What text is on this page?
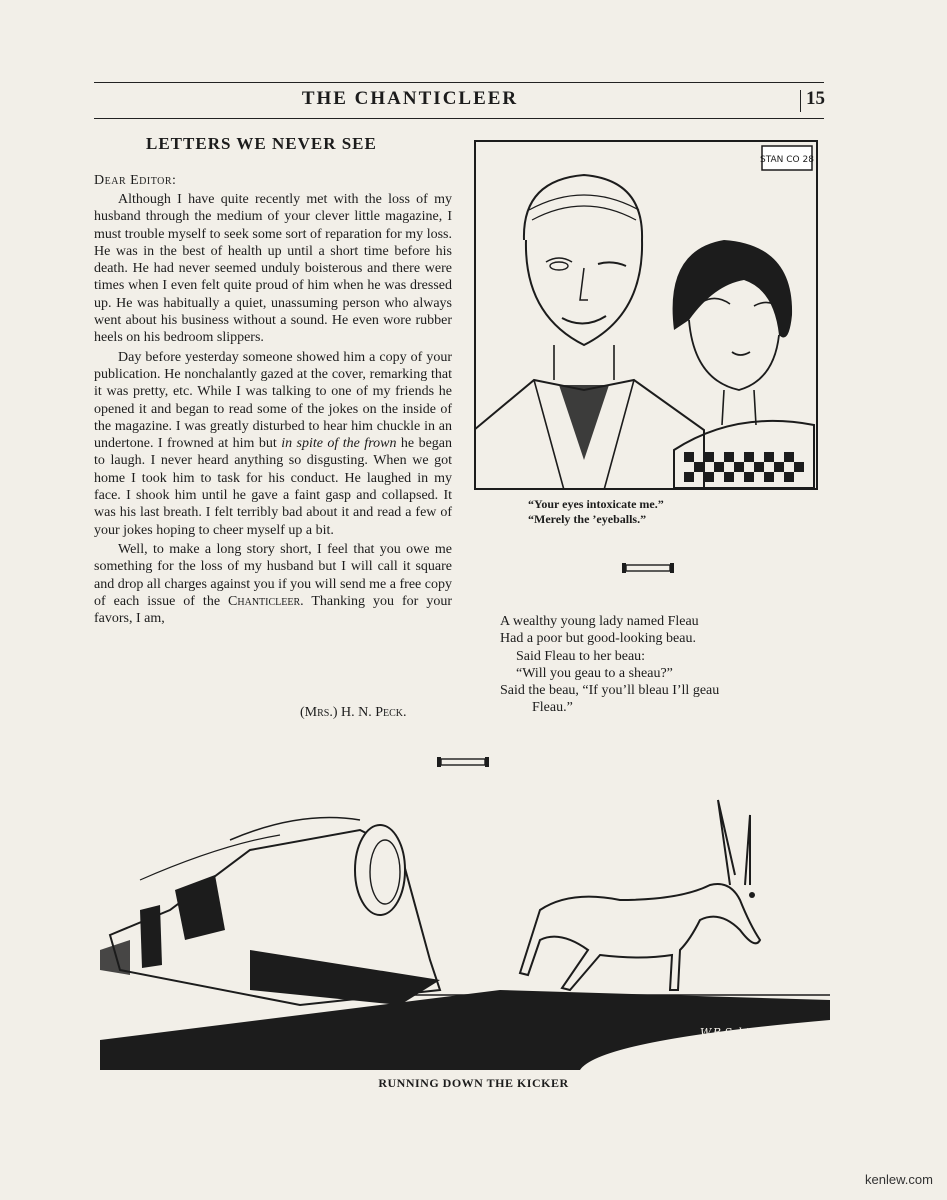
THE CHANTICLEER	15
LETTERS WE NEVER SEE
Dear Editor:

Although I have quite recently met with the loss of my husband through the medium of your clever little magazine, I must trouble myself to seek some sort of reparation for my loss. He was in the best of health up until a short time before his death. He had never seemed unduly boisterous and there were times when I even felt quite proud of him when he was dressed up. He was habitually a quiet, unassuming person who always went about his business without a sound. He even wore rubber heels on his bedroom slippers.

Day before yesterday someone showed him a copy of your publication. He nonchalantly gazed at the cover, remarking that it was pretty, etc. While I was talking to one of my friends he opened it and began to read some of the jokes on the inside of the magazine. I was greatly disturbed to hear him chuckle in an undertone. I frowned at him but in spite of the frown he began to laugh. I never heard anything so disgusting. When we got home I took him to task for his conduct. He laughed in my face. I shook him until he gave a faint gasp and collapsed. It was his last breath. I felt terribly bad about it and read a few of your jokes hoping to cheer myself up a bit.

Well, to make a long story short, I feel that you owe me something for the loss of my husband but I will call it square and drop all charges against you if you will send me a free copy of each issue of the Chanticleer. Thanking you for your favors, I am,

(Mrs.) H. N. Peck.
STAN CO 28
“Your eyes intoxicate me.”
“Merely the ’eyeballs.”
A wealthy young lady named Fleau
Had a poor but good-looking beau.
Said Fleau to her beau:
“Will you geau to a sheau?”
Said the beau, “If you’ll bleau I’ll geau
Fleau.”
W.B.Schimmel.
RUNNING DOWN THE KICKER
kenlew.com
